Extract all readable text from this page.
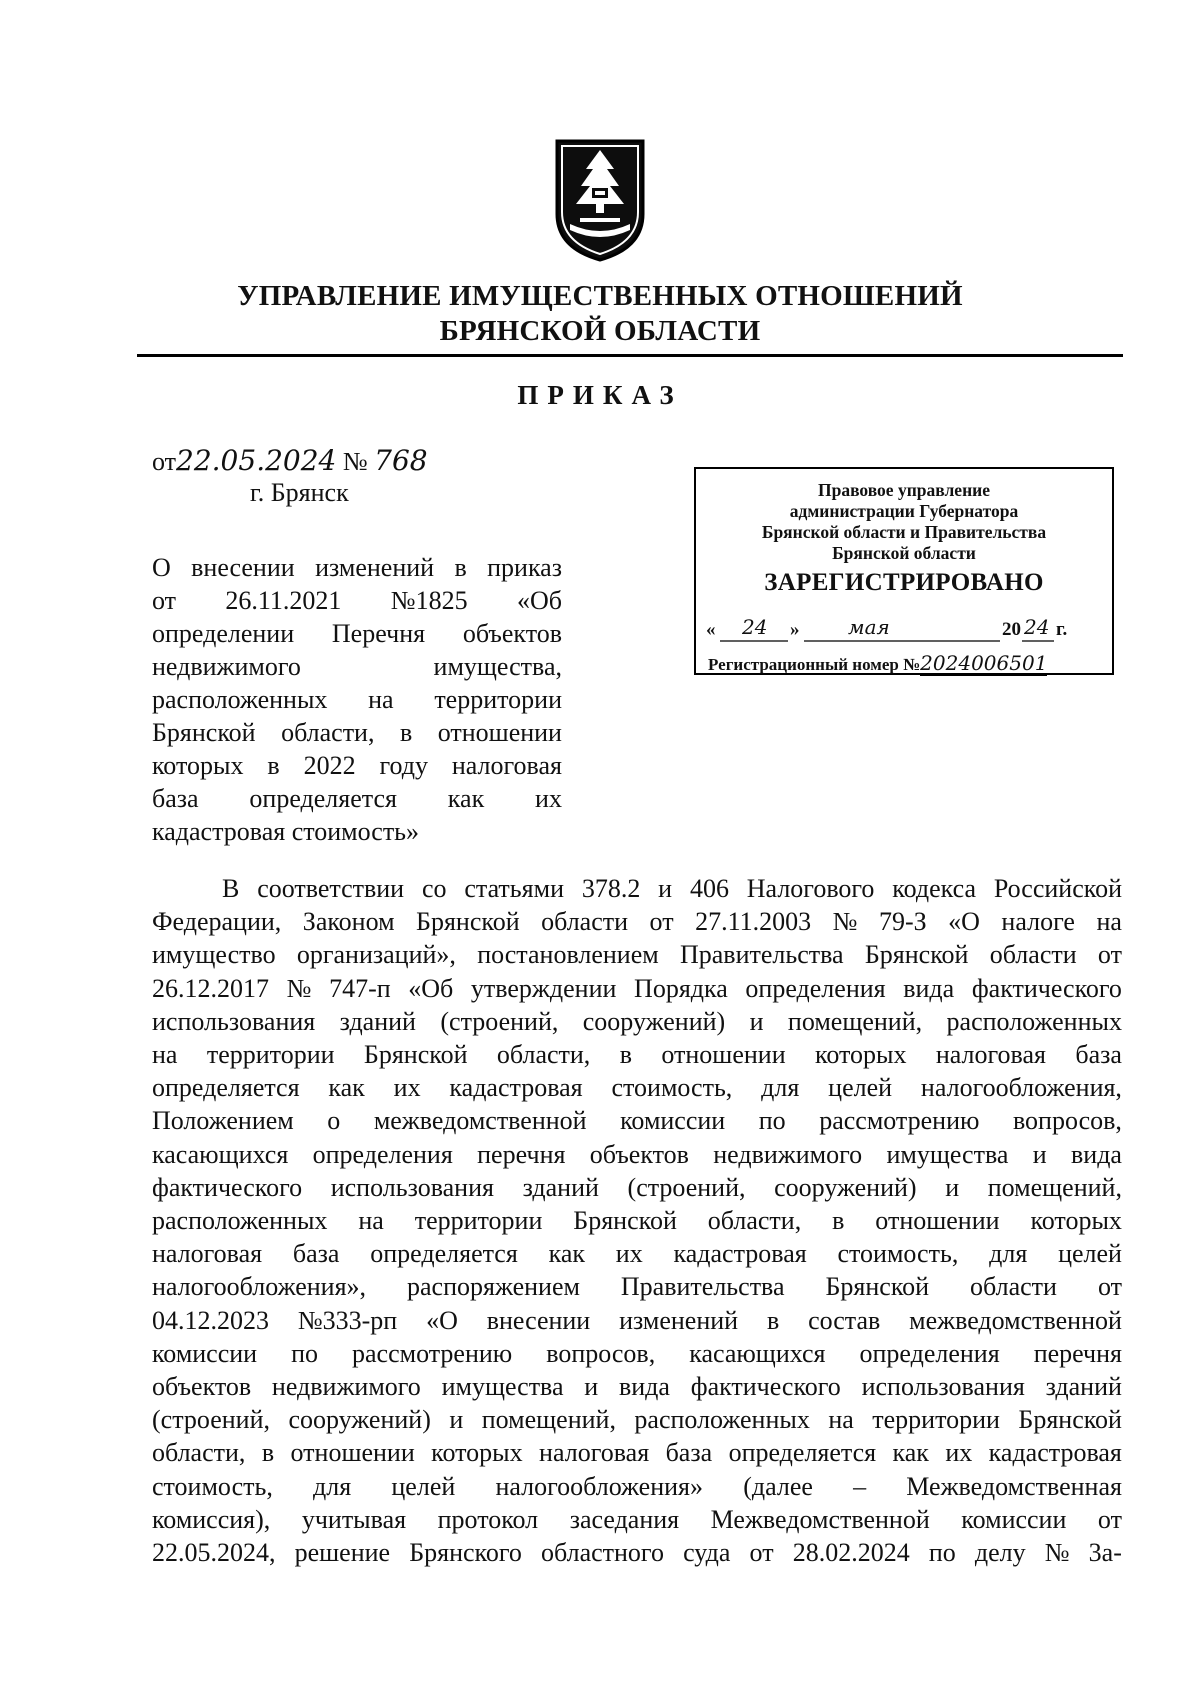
УПРАВЛЕНИЕ ИМУЩЕСТВЕННЫХ ОТНОШЕНИЙ
БРЯНСКОЙ ОБЛАСТИ
ПРИКАЗ
от22.05.2024 № 768
г. Брянск
О внесении изменений в приказ
от 26.11.2021 №1825 «Об
определении Перечня объектов
недвижимого	имущества,
расположенных на территории
Брянской области, в отношении
которых в 2022 году налоговая
база определяется как их
кадастровая стоимость»
Правовое управление
администрации Губернатора
Брянской области и Правительства
Брянской области
ЗАРЕГИСТРИРОВАНО
« 24 » мая	20 24 г.
Регистрационный номер №2024006501
В соответствии со статьями 378.2 и 406 Налогового кодекса Российской
Федерации, Законом Брянской области от 27.11.2003 № 79-З «О налоге на
имущество организаций», постановлением Правительства Брянской области от
26.12.2017 № 747-п «Об утверждении Порядка определения вида фактического
использования зданий (строений, сооружений) и помещений, расположенных
на территории Брянской области, в отношении которых налоговая база
определяется как их кадастровая стоимость, для целей налогообложения,
Положением о межведомственной комиссии по рассмотрению вопросов,
касающихся определения перечня объектов недвижимого имущества и вида
фактического использования зданий (строений, сооружений) и помещений,
расположенных на территории Брянской области, в отношении которых
налоговая база определяется как их кадастровая стоимость, для целей
налогообложения», распоряжением Правительства Брянской области от
04.12.2023 №333-рп «О внесении изменений в состав межведомственной
комиссии по рассмотрению вопросов, касающихся определения перечня
объектов недвижимого имущества и вида фактического использования зданий
(строений, сооружений) и помещений, расположенных на территории Брянской
области, в отношении которых налоговая база определяется как их кадастровая
стоимость, для целей налогообложения» (далее – Межведомственная
комиссия), учитывая протокол заседания Межведомственной комиссии от
22.05.2024, решение Брянского областного суда от 28.02.2024 по делу № 3а-
